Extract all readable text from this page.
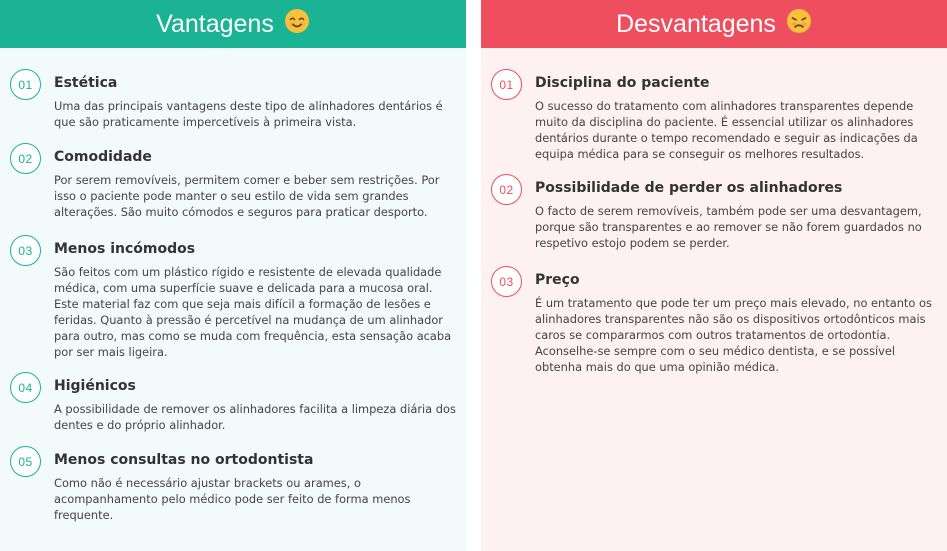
Vantagens
01	Estética
Uma das principais vantagens deste tipo de alinhadores dentários é que são praticamente impercetíveis à primeira vista.
02	Comodidade
Por serem removíveis, permitem comer e beber sem restrições. Por isso o paciente pode manter o seu estilo de vida sem grandes alterações. São muito cómodos e seguros para praticar desporto.
03	Menos incómodos
São feitos com um plástico rígido e resistente de elevada qualidade médica, com uma superfície suave e delicada para a mucosa oral. Este material faz com que seja mais difícil a formação de lesões e feridas. Quanto à pressão é percetível na mudança de um alinhador para outro, mas como se muda com frequência, esta sensação acaba por ser mais ligeira.
04	Higiénicos
A possibilidade de remover os alinhadores facilita a limpeza diária dos dentes e do próprio alinhador.
05	Menos consultas no ortodontista
Como não é necessário ajustar brackets ou arames, o acompanhamento pelo médico pode ser feito de forma menos frequente.
Desvantagens
01	Disciplina do paciente
O sucesso do tratamento com alinhadores transparentes depende muito da disciplina do paciente. É essencial utilizar os alinhadores dentários durante o tempo recomendado e seguir as indicações da equipa médica para se conseguir os melhores resultados.
02	Possibilidade de perder os alinhadores
O facto de serem removíveis, também pode ser uma desvantagem, porque são transparentes e ao remover se não forem guardados no respetivo estojo podem se perder.
03	Preço
É um tratamento que pode ter um preço mais elevado, no entanto os alinhadores transparentes não são os dispositivos ortodônticos mais caros se compararmos com outros tratamentos de ortodontia. Aconselhe-se sempre com o seu médico dentista, e se possível obtenha mais do que uma opinião médica.
